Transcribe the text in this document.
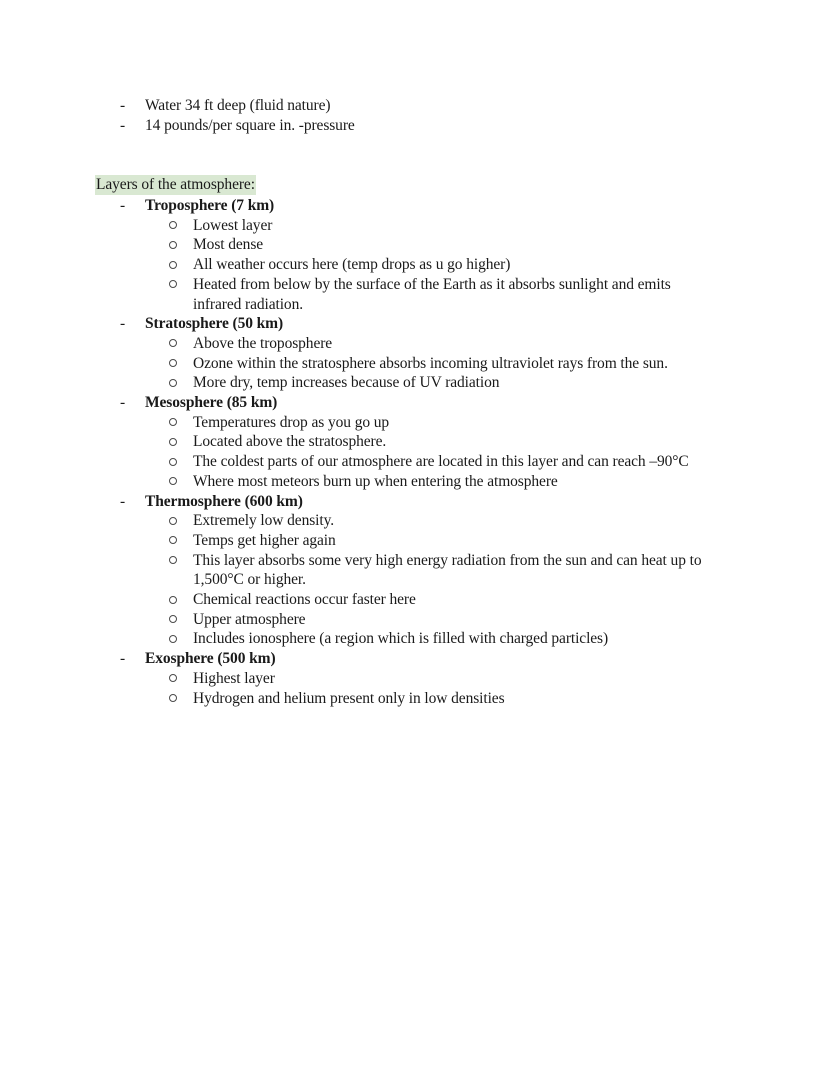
-	Water 34 ft deep (fluid nature)
-	14 pounds/per square in. -pressure
Layers of the atmosphere:
-	Troposphere (7 km)
Lowest layer
Most dense
All weather occurs here (temp drops as u go higher)
Heated from below by the surface of the Earth as it absorbs sunlight and emits infrared radiation.
-	Stratosphere (50 km)
Above the troposphere
Ozone within the stratosphere absorbs incoming ultraviolet rays from the sun.
More dry, temp increases because of UV radiation
-	Mesosphere (85 km)
Temperatures drop as you go up
Located above the stratosphere.
The coldest parts of our atmosphere are located in this layer and can reach –90°C
Where most meteors burn up when entering the atmosphere
-	Thermosphere (600 km)
Extremely low density.
Temps get higher again
This layer absorbs some very high energy radiation from the sun and can heat up to 1,500°C or higher.
Chemical reactions occur faster here
Upper atmosphere
Includes ionosphere (a region which is filled with charged particles)
-	Exosphere (500 km)
Highest layer
Hydrogen and helium present only in low densities
